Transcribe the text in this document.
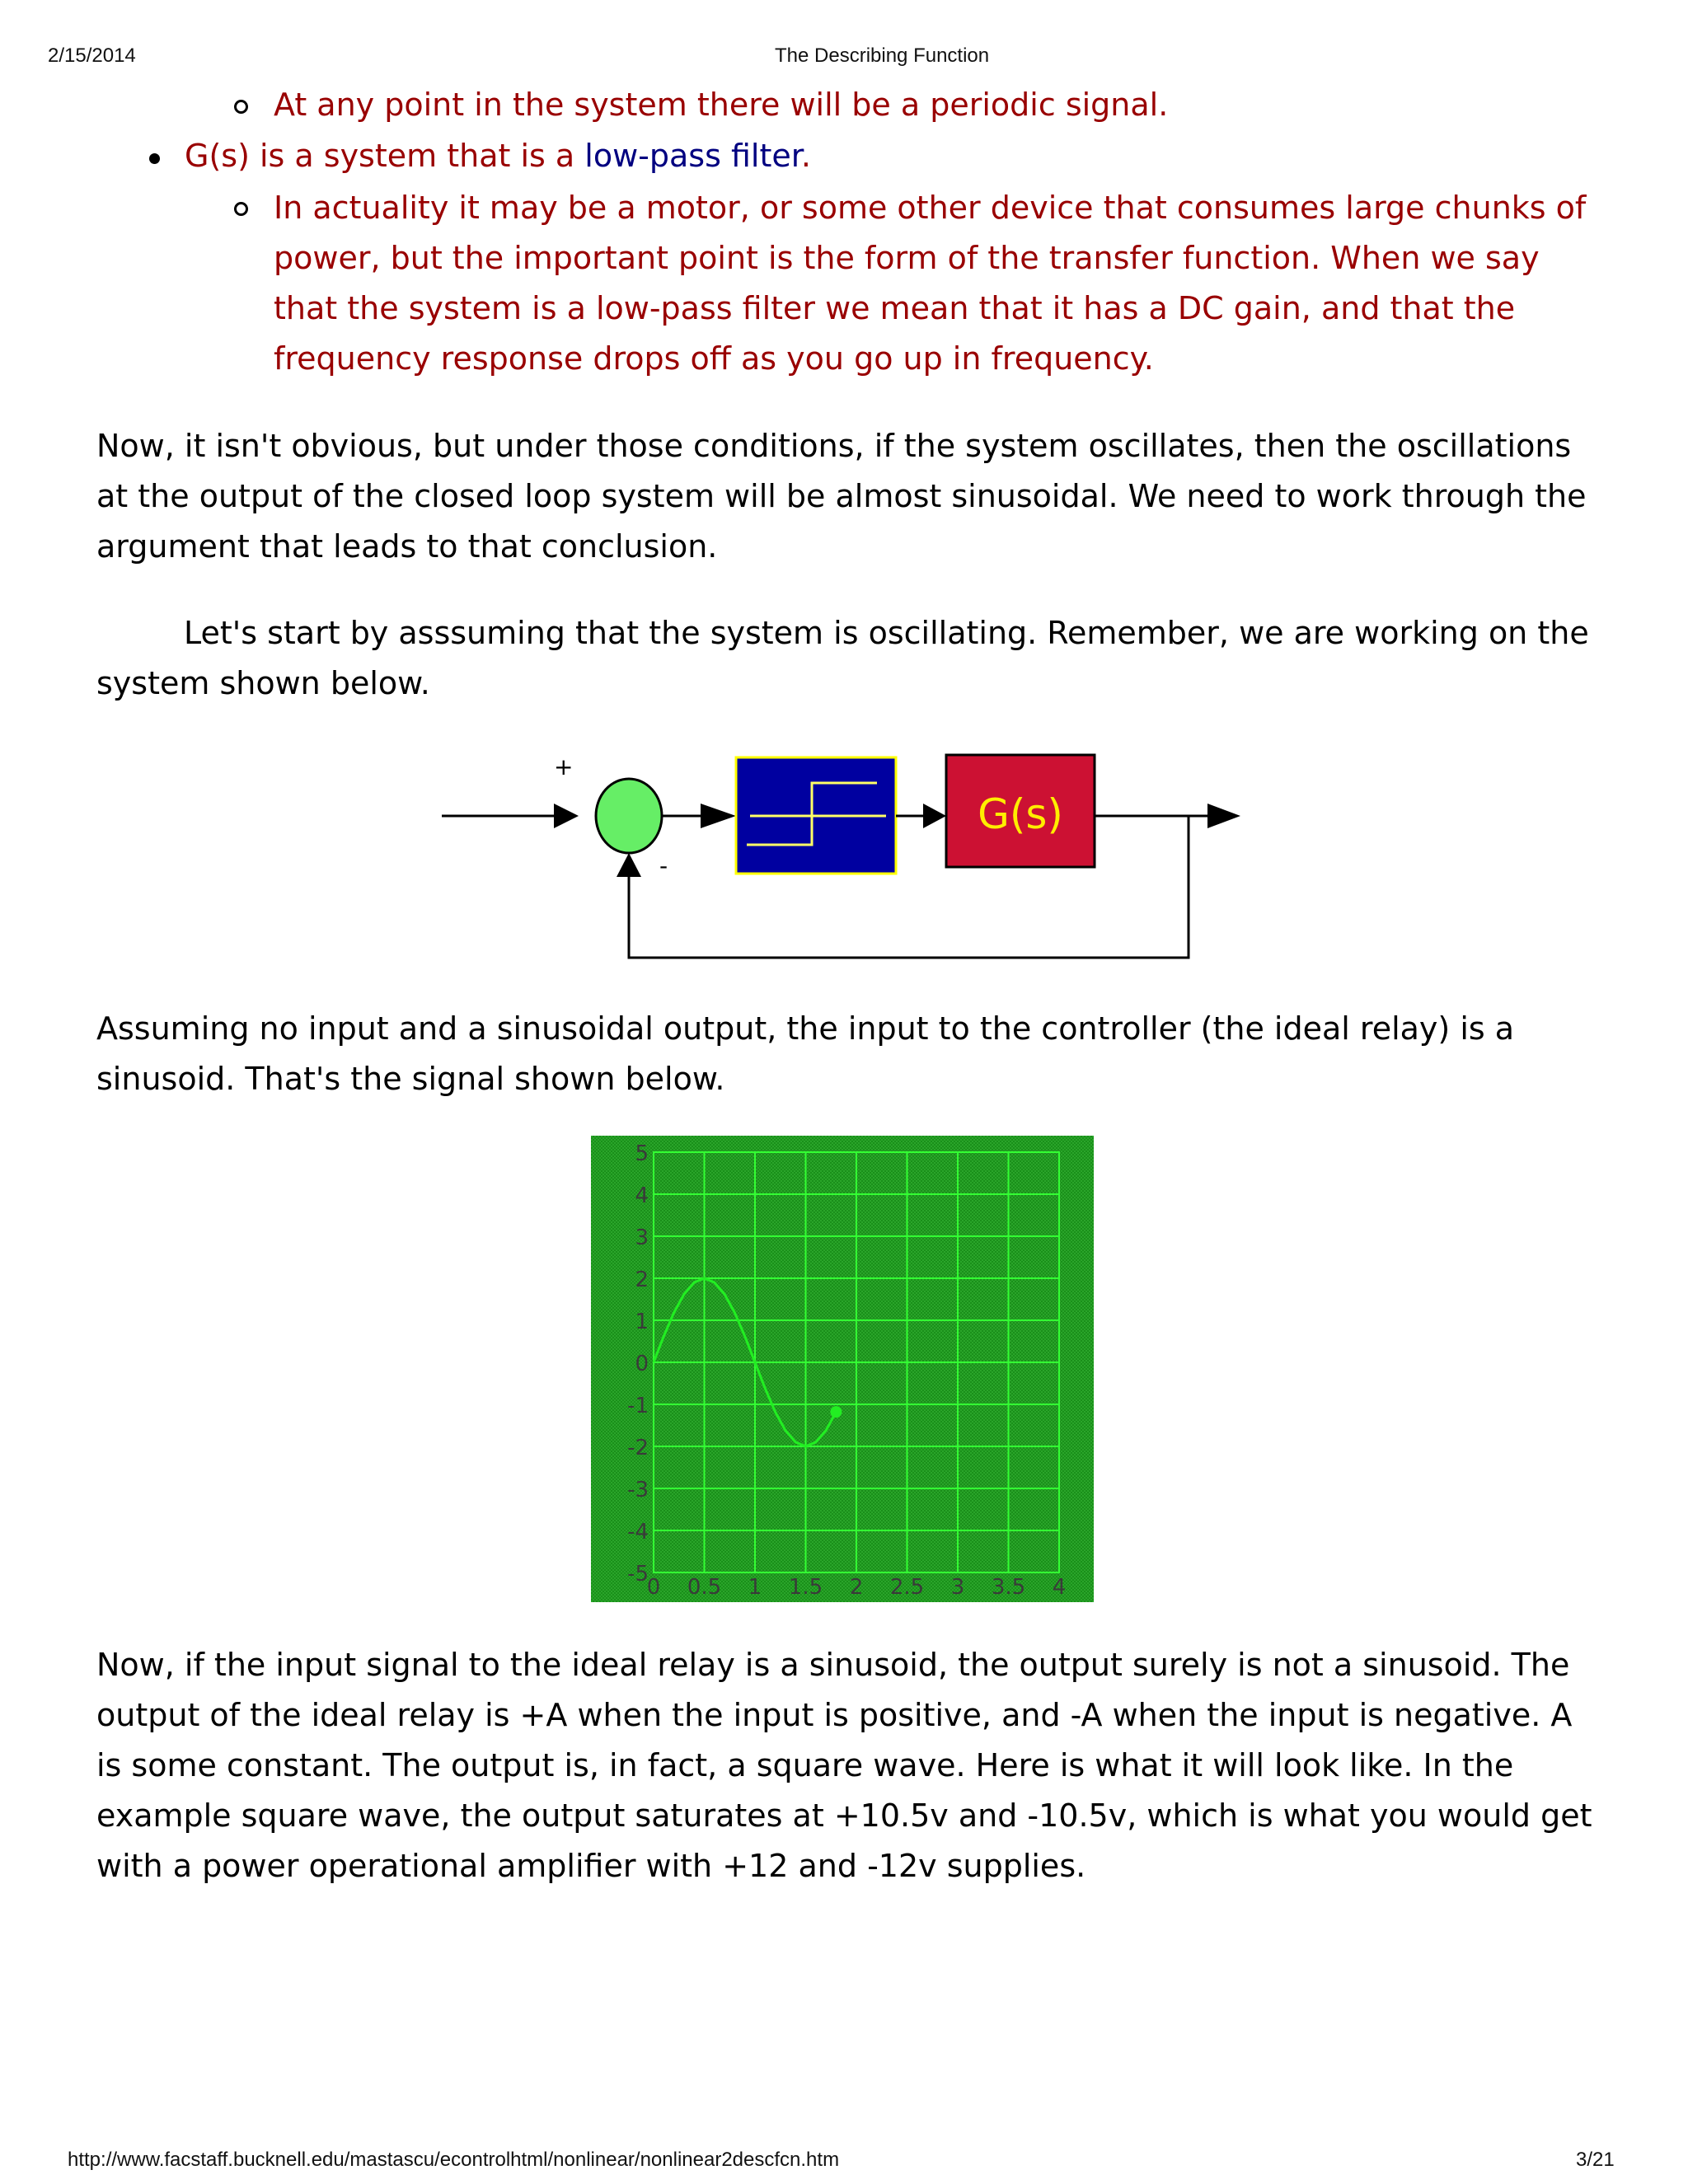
2/15/2014	The Describing Function
At any point in the system there will be a periodic signal.
G(s) is a system that is a low-pass filter.
In actuality it may be a motor, or some other device that consumes large chunks of power, but the important point is the form of the transfer function. When we say that the system is a low-pass filter we mean that it has a DC gain, and that the frequency response drops off as you go up in frequency.
Now, it isn't obvious, but under those conditions, if the system oscillates, then the oscillations at the output of the closed loop system will be almost sinusoidal. We need to work through the argument that leads to that conclusion.
Let's start by asssuming that the system is oscillating. Remember, we are working on the system shown below.
+
-
G(s)
Assuming no input and a sinusoidal output, the input to the controller (the ideal relay) is a sinusoid. That's the signal shown below.
5
4
3
2
1
0
-1
-2
-3
-4
-5
0 0.5 1 1.5 2 2.5 3 3.5 4
Now, if the input signal to the ideal relay is a sinusoid, the output surely is not a sinusoid. The output of the ideal relay is +A when the input is positive, and -A when the input is negative. A is some constant. The output is, in fact, a square wave. Here is what it will look like. In the example square wave, the output saturates at +10.5v and -10.5v, which is what you would get with a power operational amplifier with +12 and -12v supplies.
http://www.facstaff.bucknell.edu/mastascu/econtrolhtml/nonlinear/nonlinear2descfcn.htm	3/21
